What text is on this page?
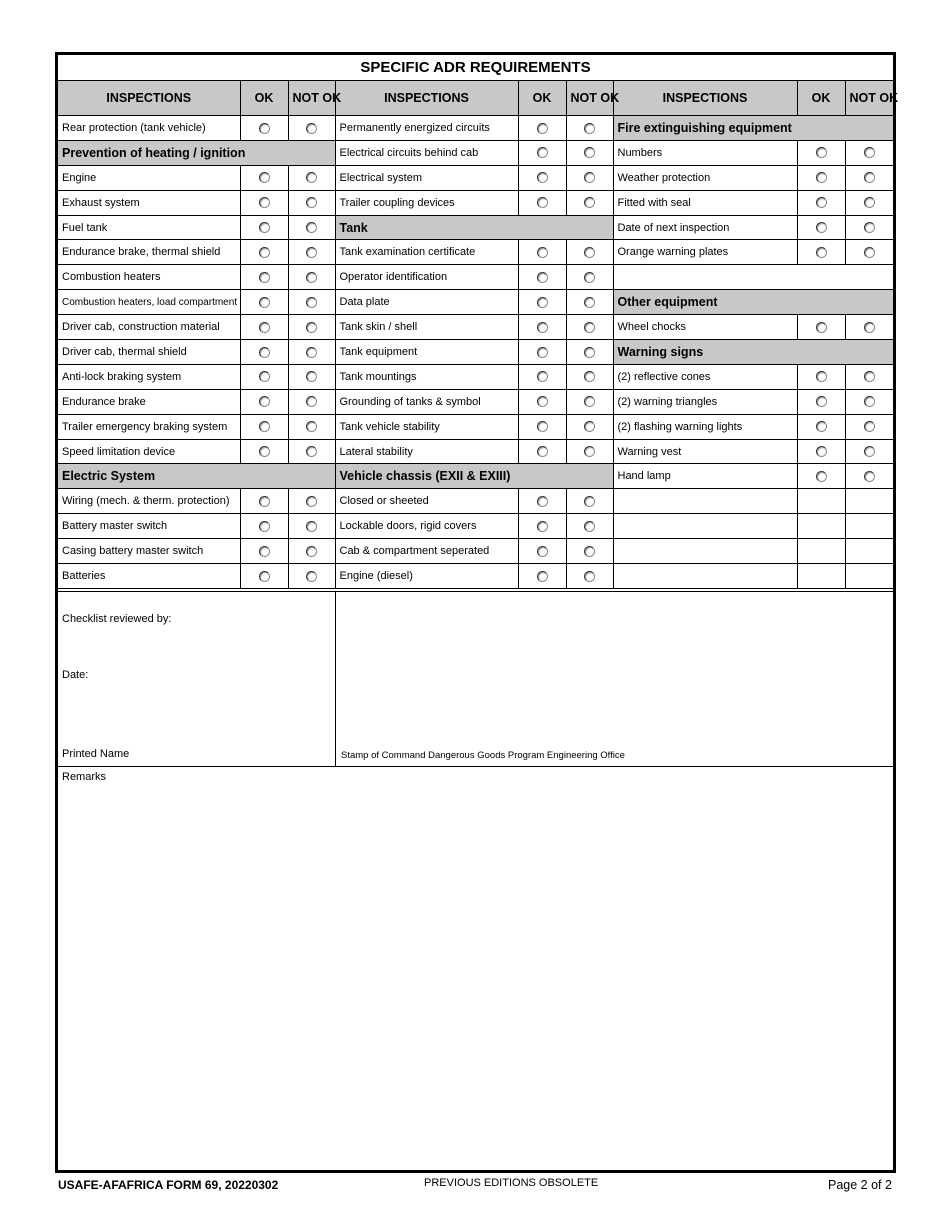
SPECIFIC ADR REQUIREMENTS								
INSPECTIONS	OK	NOT OK	INSPECTIONS	OK	NOT OK	INSPECTIONS	OK	NOT OK
Rear protection (tank vehicle)			Permanently energized circuits			Fire extinguishing equipment		
Prevention of heating / ignition			Electrical circuits behind cab			Numbers		
Engine			Electrical system			Weather protection		
Exhaust system			Trailer coupling devices			Fitted with seal		
Fuel tank			Tank			Date of next inspection		
Endurance brake, thermal shield			Tank examination certificate			Orange warning plates		
Combustion heaters			Operator identification					
Combustion heaters, load compartment			Data plate			Other equipment		
Driver cab, construction material			Tank skin / shell			Wheel chocks		
Driver cab, thermal shield			Tank equipment			Warning signs		
Anti-lock braking system			Tank mountings			(2) reflective cones		
Endurance brake			Grounding of tanks & symbol			(2) warning triangles		
Trailer emergency braking system			Tank vehicle stability			(2) flashing warning lights		
Speed limitation device			Lateral stability			Warning vest		
Electric System			Vehicle chassis (EXII & EXIII)			Hand lamp		
Wiring (mech. & therm. protection)			Closed or sheeted					
Battery master switch			Lockable doors, rigid covers					
Casing battery master switch			Cab & compartment seperated					
Batteries			Engine (diesel)					
Checklist reviewed by:
Date:
Printed Name	Stamp of Command Dangerous Goods Program Engineering Office
Remarks
USAFE-AFAFRICA FORM 69, 20220302	PREVIOUS EDITIONS OBSOLETE	Page 2 of 2
